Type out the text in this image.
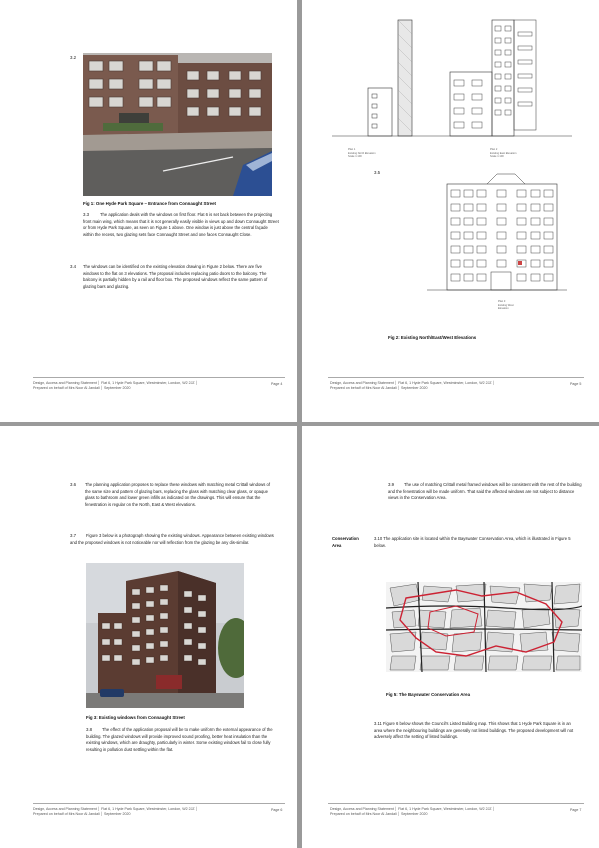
3.2
Fig 1: One Hyde Park Square – Entrance from Connaught Street
3.3	The application deals with the windows on first floor. Flat 6 is set back between the projecting front main wing, which means that it is not generally easily visible in views up and down Connaught Street or from Hyde Park Square, as seen on Figure 1 above. One window is just above the central façade within the recess, two glazing sets face Connaught Street and one faces Connaught Close.
3.4 The windows can be identified on the existing elevation drawing in Figure 2 below. There are five windows to the flat on 3 elevations. The proposal includes replacing patio doors to the balcony. The balcony is partially hidden by a rail and floor box. The proposed windows reflect the same pattern of glazing bars and glazing.
Design, Access and Planning Statement │ Flat 6, 1 Hyde Park Square, Westminster, London, W2 2JZ │
Prepared on behalf of Mrs Noor Al Jandali │ September 2020
Page 4
Plan 1
Existing North Elevation
Scale 1:100
Plan 2
Existing East Elevation
Scale 1:100
3.5
Plan 3
Existing West
Elevation
Fig 2: Existing North/East/West Elevations
Design, Access and Planning Statement │ Flat 6, 1 Hyde Park Square, Westminster, London, W2 2JZ │
Prepared on behalf of Mrs Noor Al Jandali │ September 2020
Page 5
3.6 The planning application proposes to replace these windows with matching metal Crittall windows of the same size and pattern of glazing bars, replacing the glass with matching clear glass, or opaque glass to bathroom and lower green infills as indicated on the drawings. This will ensure that the fenestration is regular on the North, East & West elevations.
3.7	Figure 3 below is a photograph showing the existing windows. Appearance between existing windows and the proposed windows is not noticeable nor will reflection from the glazing be any dis-similar.
Fig 3: Existing windows from Connaught Street
3.8	The effect of the application proposal will be to make uniform the external appearance of the building. The glazed windows will provide improved sound proofing, better heat insulation than the existing windows, which are draughty, particularly in winter. Some existing windows fail to close fully resulting in pollution dust settling within the flat.
Design, Access and Planning Statement │ Flat 6, 1 Hyde Park Square, Westminster, London, W2 2JZ │
Prepared on behalf of Mrs Noor Al Jandali │ September 2020
Page 6
3.9	The use of matching Crittall metal framed windows will be consistent with the rest of the building and the fenestration will be made uniform. That said the affected windows are not subject to distance views in the Conservation Area.
Conservation
Area
3.10 The application site is located within the Bayswater Conservation Area, which is illustrated in Figure 5 below.
Fig 5: The Bayswater Conservation Area
3.11 Figure 6 below shows the Council's Listed Building map. This shows that 1 Hyde Park Square is in an area where the neighbouring buildings are generally not listed buildings. The proposed development will not adversely affect the setting of listed buildings.
Design, Access and Planning Statement │ Flat 6, 1 Hyde Park Square, Westminster, London, W2 2JZ │
Prepared on behalf of Mrs Noor Al Jandali │ September 2020
Page 7
